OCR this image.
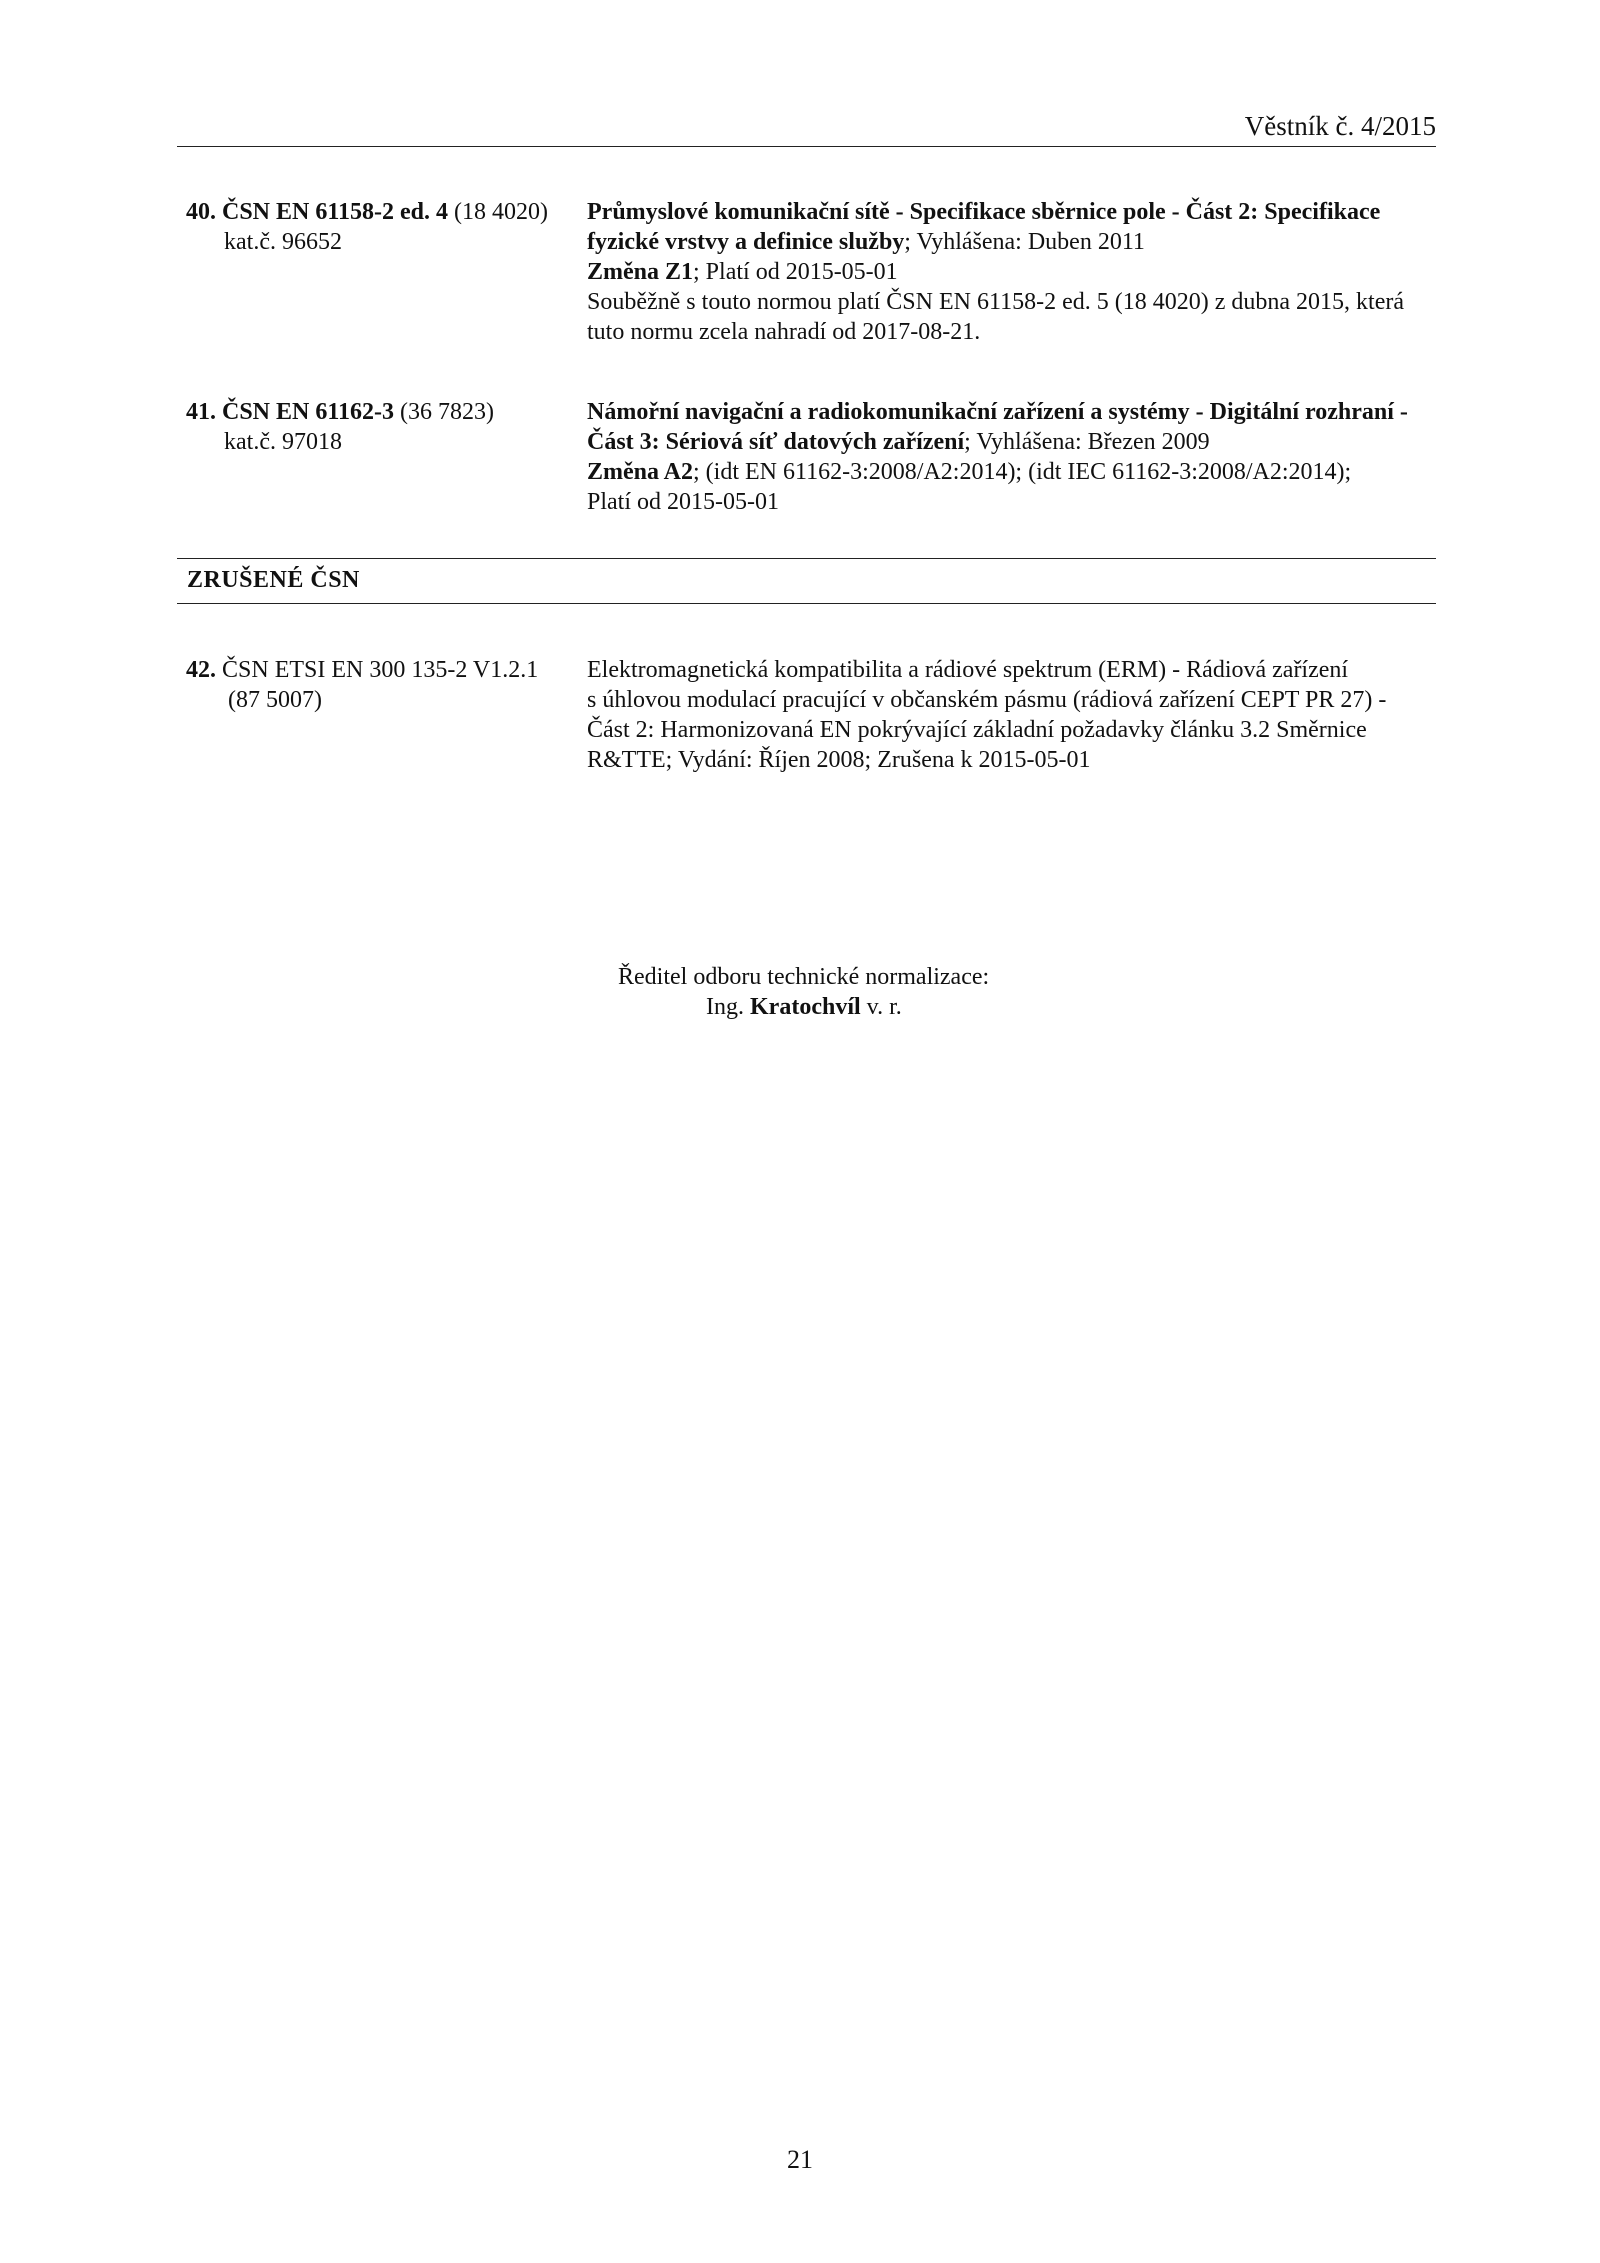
Věstník č. 4/2015
40. ČSN EN 61158-2 ed. 4 (18 4020)
kat.č. 96652
Průmyslové komunikační sítě - Specifikace sběrnice pole - Část 2: Specifikace
fyzické vrstvy a definice služby; Vyhlášena: Duben 2011
Změna Z1; Platí od 2015-05-01
Souběžně s touto normou platí ČSN EN 61158-2 ed. 5 (18 4020) z dubna 2015, která
tuto normu zcela nahradí od 2017-08-21.
41. ČSN EN 61162-3 (36 7823)
kat.č. 97018
Námořní navigační a radiokomunikační zařízení a systémy - Digitální rozhraní -
Část 3: Sériová síť datových zařízení; Vyhlášena: Březen 2009
Změna A2; (idt EN 61162-3:2008/A2:2014); (idt IEC 61162-3:2008/A2:2014);
Platí od 2015-05-01
ZRUŠENÉ ČSN
42. ČSN ETSI EN 300 135-2 V1.2.1
(87 5007)
Elektromagnetická kompatibilita a rádiové spektrum (ERM) - Rádiová zařízení
s úhlovou modulací pracující v občanském pásmu (rádiová zařízení CEPT PR 27) -
Část 2: Harmonizovaná EN pokrývající základní požadavky článku 3.2 Směrnice
R&TTE; Vydání: Říjen 2008; Zrušena k 2015-05-01
Ředitel odboru technické normalizace:
Ing. Kratochvíl v. r.
21
